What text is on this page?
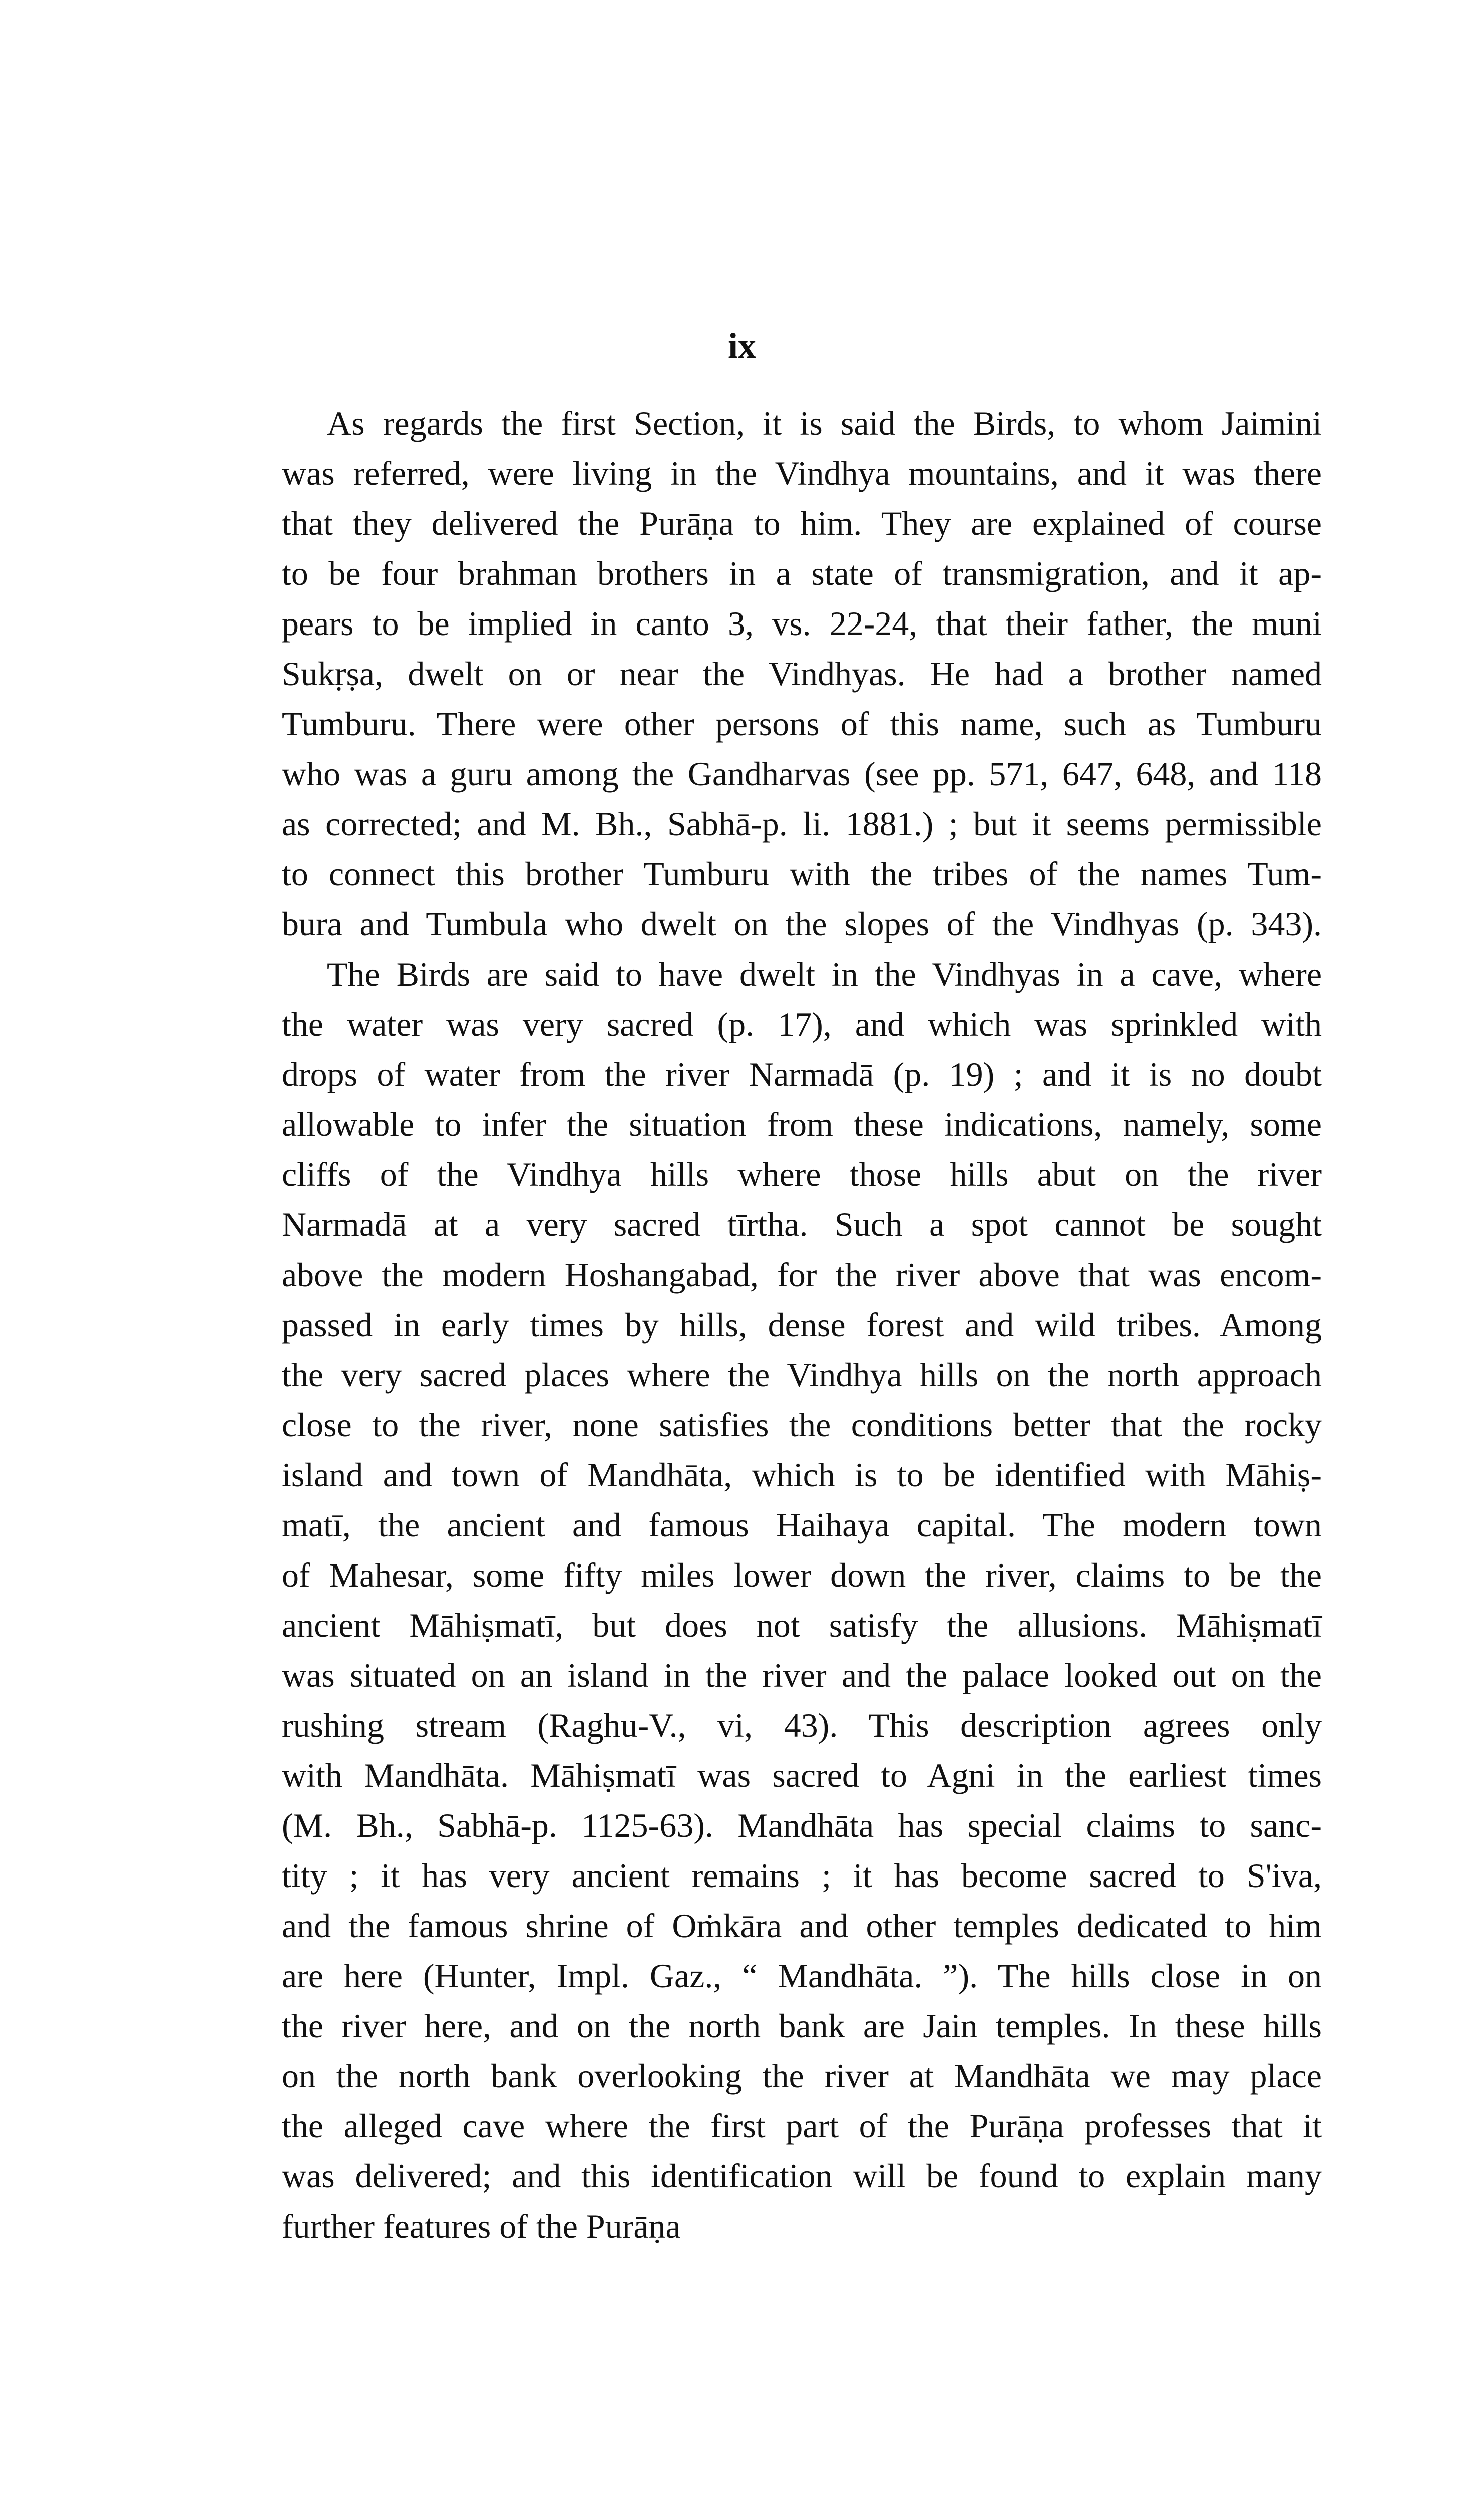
ix
As regards the first Section, it is said the Birds, to whom Jaimini
was referred, were living in the Vindhya mountains, and it was there
that they delivered the Purāṇa to him. They are explained of course
to be four brahman brothers in a state of transmigration, and it ap-
pears to be implied in canto 3, vs. 22-24, that their father, the muni
Sukṛṣa, dwelt on or near the Vindhyas. He had a brother named
Tumburu. There were other persons of this name, such as Tumburu
who was a guru among the Gandharvas (see pp. 571, 647, 648, and 118
as corrected; and M. Bh., Sabhā-p. li. 1881.) ; but it seems permissible
to connect this brother Tumburu with the tribes of the names Tum-
bura and Tumbula who dwelt on the slopes of the Vindhyas (p. 343).
The Birds are said to have dwelt in the Vindhyas in a cave, where
the water was very sacred (p. 17), and which was sprinkled with
drops of water from the river Narmadā (p. 19) ; and it is no doubt
allowable to infer the situation from these indications, namely, some
cliffs of the Vindhya hills where those hills abut on the river
Narmadā at a very sacred tīrtha. Such a spot cannot be sought
above the modern Hoshangabad, for the river above that was encom-
passed in early times by hills, dense forest and wild tribes. Among
the very sacred places where the Vindhya hills on the north approach
close to the river, none satisfies the conditions better that the rocky
island and town of Mandhāta, which is to be identified with Māhiṣ-
matī, the ancient and famous Haihaya capital. The modern town
of Mahesar, some fifty miles lower down the river, claims to be the
ancient Māhiṣmatī, but does not satisfy the allusions. Māhiṣmatī
was situated on an island in the river and the palace looked out on the
rushing stream (Raghu-V., vi, 43). This description agrees only
with Mandhāta. Māhiṣmatī was sacred to Agni in the earliest times
(M. Bh., Sabhā-p. 1125-63). Mandhāta has special claims to sanc-
tity ; it has very ancient remains ; it has become sacred to S'iva,
and the famous shrine of Oṁkāra and other temples dedicated to him
are here (Hunter, Impl. Gaz., “ Mandhāta. ”). The hills close in on
the river here, and on the north bank are Jain temples. In these hills
on the north bank overlooking the river at Mandhāta we may place
the alleged cave where the first part of the Purāṇa professes that it
was delivered; and this identification will be found to explain many
further features of the Purāṇa
